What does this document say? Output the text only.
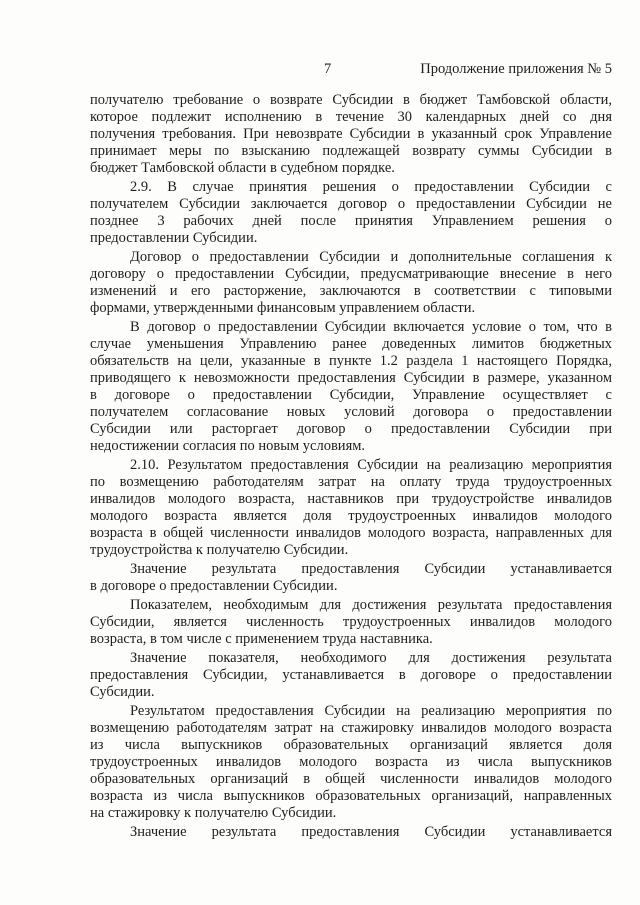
7	Продолжение приложения № 5

получателю требование о возврате Субсидии в бюджет Тамбовской области,
которое подлежит исполнению в течение 30 календарных дней со дня
получения требования. При невозврате Субсидии в указанный срок Управление
принимает меры по взысканию подлежащей возврату суммы Субсидии в
бюджет Тамбовской области в судебном порядке.

2.9. В случае принятия решения о предоставлении Субсидии с
получателем Субсидии заключается договор о предоставлении Субсидии не
позднее 3 рабочих дней после принятия Управлением решения о
предоставлении Субсидии.

Договор о предоставлении Субсидии и дополнительные соглашения к
договору о предоставлении Субсидии, предусматривающие внесение в него
изменений и его расторжение, заключаются в соответствии с типовыми
формами, утвержденными финансовым управлением области.

В договор о предоставлении Субсидии включается условие о том, что в
случае уменьшения Управлению ранее доведенных лимитов бюджетных
обязательств на цели, указанные в пункте 1.2 раздела 1 настоящего Порядка,
приводящего к невозможности предоставления Субсидии в размере, указанном
в договоре о предоставлении Субсидии, Управление осуществляет с
получателем согласование новых условий договора о предоставлении
Субсидии или расторгает договор о предоставлении Субсидии при
недостижении согласия по новым условиям.

2.10. Результатом предоставления Субсидии на реализацию мероприятия
по возмещению работодателям затрат на оплату труда трудоустроенных
инвалидов молодого возраста, наставников при трудоустройстве инвалидов
молодого возраста является доля трудоустроенных инвалидов молодого
возраста в общей численности инвалидов молодого возраста, направленных для
трудоустройства к получателю Субсидии.

Значение результата предоставления Субсидии устанавливается
в договоре о предоставлении Субсидии.

Показателем, необходимым для достижения результата предоставления
Субсидии, является численность трудоустроенных инвалидов молодого
возраста, в том числе с применением труда наставника.

Значение показателя, необходимого для достижения результата
предоставления Субсидии, устанавливается в договоре о предоставлении
Субсидии.

Результатом предоставления Субсидии на реализацию мероприятия по
возмещению работодателям затрат на стажировку инвалидов молодого возраста
из числа выпускников образовательных организаций является доля
трудоустроенных инвалидов молодого возраста из числа выпускников
образовательных организаций в общей численности инвалидов молодого
возраста из числа выпускников образовательных организаций, направленных
на стажировку к получателю Субсидии.

Значение результата предоставления Субсидии устанавливается
